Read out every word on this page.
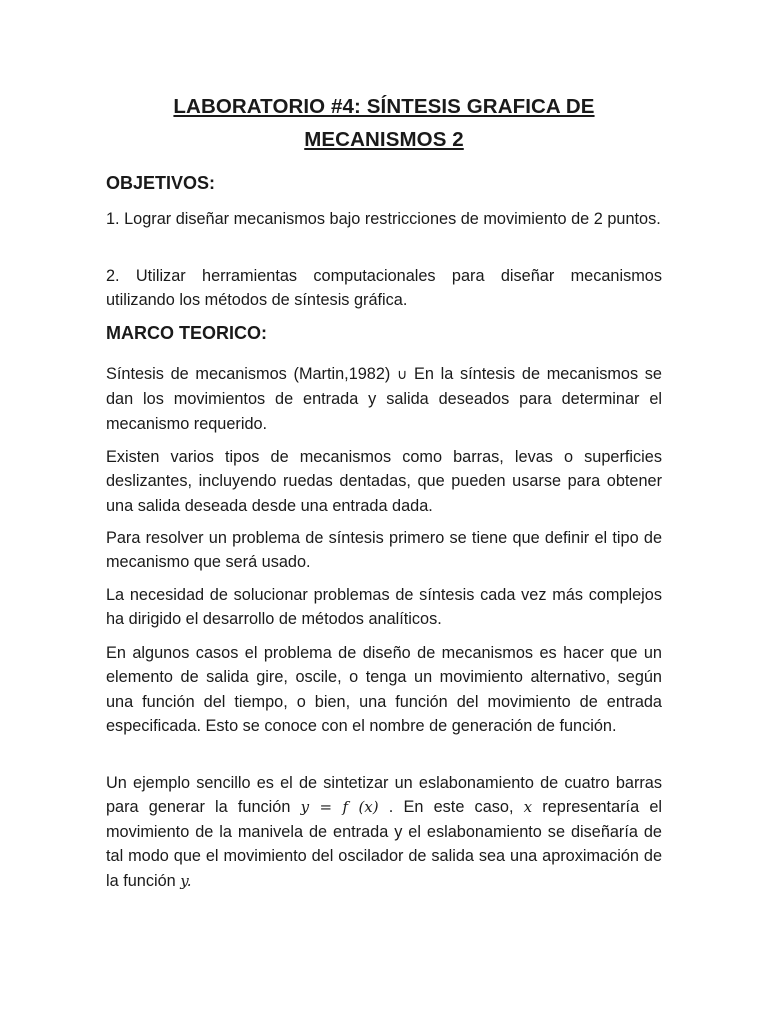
LABORATORIO #4: SÍNTESIS GRAFICA DE
MECANISMOS 2
OBJETIVOS:

1. Lograr diseñar mecanismos bajo restricciones de movimiento de 2 puntos.

2. Utilizar herramientas computacionales para diseñar mecanismos utilizando los métodos de síntesis gráfica.

MARCO TEORICO:

Síntesis de mecanismos (Martin,1982) ∪ En la síntesis de mecanismos se dan los movimientos de entrada y salida deseados para determinar el mecanismo requerido.

Existen varios tipos de mecanismos como barras, levas o superficies deslizantes, incluyendo ruedas dentadas, que pueden usarse para obtener una salida deseada desde una entrada dada.

Para resolver un problema de síntesis primero se tiene que definir el tipo de mecanismo que será usado.

La necesidad de solucionar problemas de síntesis cada vez más complejos ha dirigido el desarrollo de métodos analíticos.

En algunos casos el problema de diseño de mecanismos es hacer que un elemento de salida gire, oscile, o tenga un movimiento alternativo, según una función del tiempo, o bien, una función del movimiento de entrada especificada. Esto se conoce con el nombre de generación de función.

Un ejemplo sencillo es el de sintetizar un eslabonamiento de cuatro barras para generar la función y = f (x) . En este caso, x representaría el movimiento de la manivela de entrada y el eslabonamiento se diseñaría de tal modo que el movimiento del oscilador de salida sea una aproximación de la función y.
